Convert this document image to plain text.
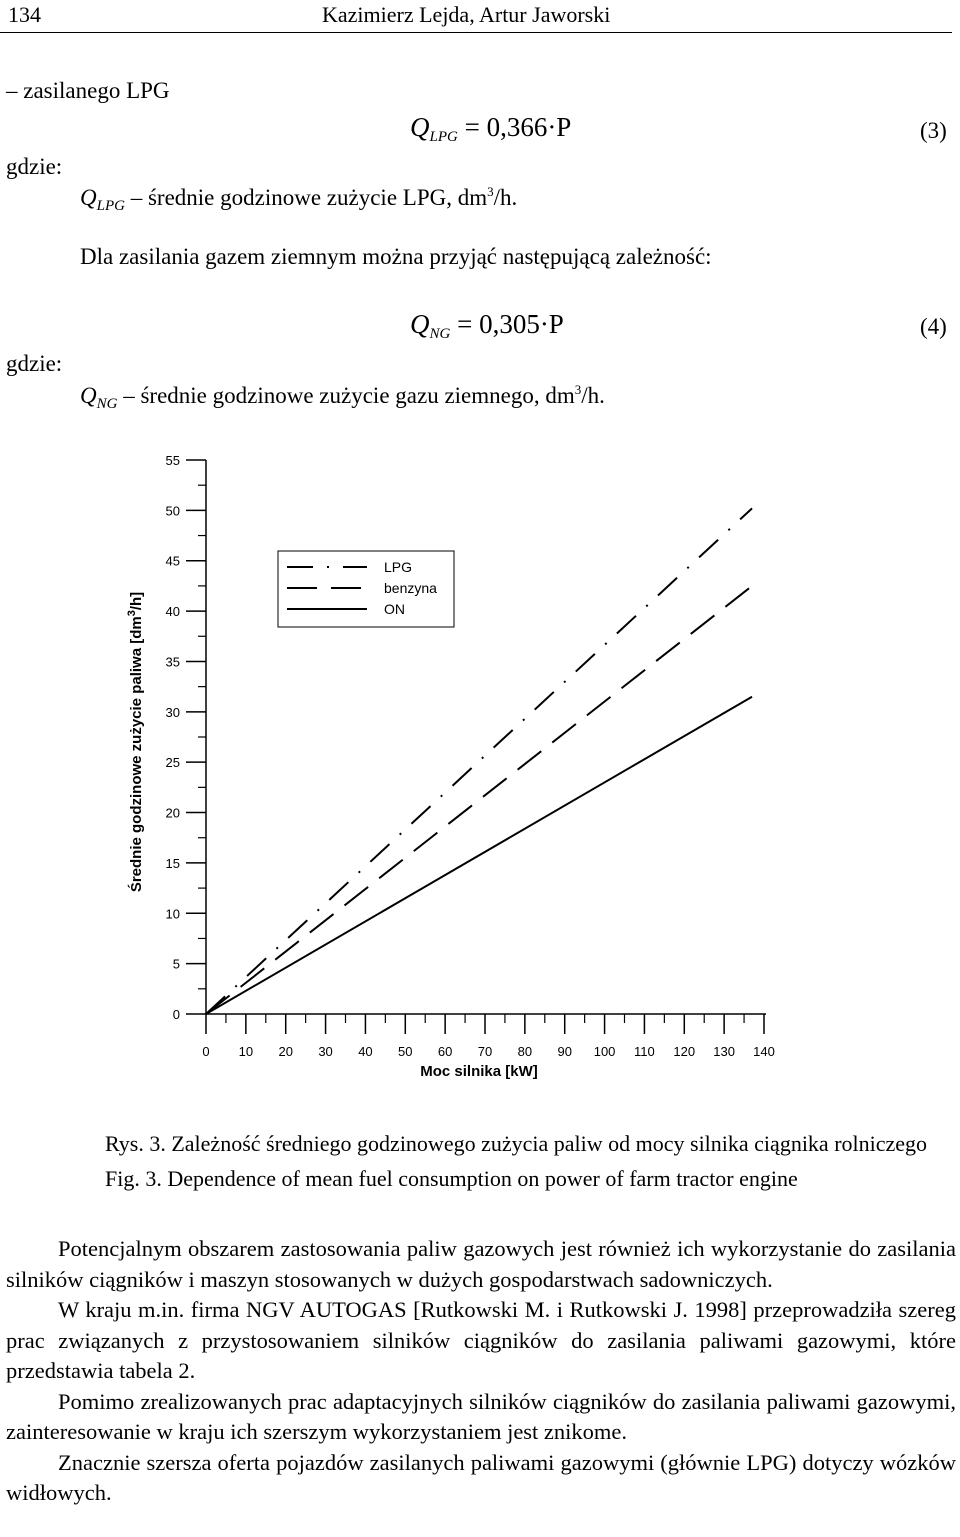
134	Kazimierz Lejda, Artur Jaworski
– zasilanego LPG
$Q_{LPG} = 0,366\cdot P$	(3)
gdzie:
$Q_{LPG}$ – średnie godzinowe zużycie LPG, $dm^3/h$.
Dla zasilania gazem ziemnym można przyjąć następującą zależność:
$Q_{NG} = 0,305\cdot P$	(4)
gdzie:
$Q_{NG}$ – średnie godzinowe zużycie gazu ziemnego, $dm^3/h$.
0
5
10
15
20
25
30
35
40
45
50
55
0 10 20 30 40 50 60 70 80 90 100 110 120 130 140
LPG
benzyna
ON
Moc silnika [kW]
Średnie godzinowe zużycie paliwa $[dm^3/h]$
Rys. 3. Zależność średniego godzinowego zużycia paliw od mocy silnika ciągnika rolniczego
Fig. 3. Dependence of mean fuel consumption on power of farm tractor engine

Potencjalnym obszarem zastosowania paliw gazowych jest również ich wykorzystanie do zasilania silników ciągników i maszyn stosowanych w dużych gospodarstwach sadowniczych.

W kraju m.in. firma NGV AUTOGAS [Rutkowski M. i Rutkowski J. 1998] przeprowadziła szereg prac związanych z przystosowaniem silników ciągników do zasilania paliwami gazowymi, które przedstawia tabela 2.

Pomimo zrealizowanych prac adaptacyjnych silników ciągników do zasilania paliwami gazowymi, zainteresowanie w kraju ich szerszym wykorzystaniem jest znikome.

Znacznie szersza oferta pojazdów zasilanych paliwami gazowymi (głównie LPG) dotyczy wózków widłowych.
